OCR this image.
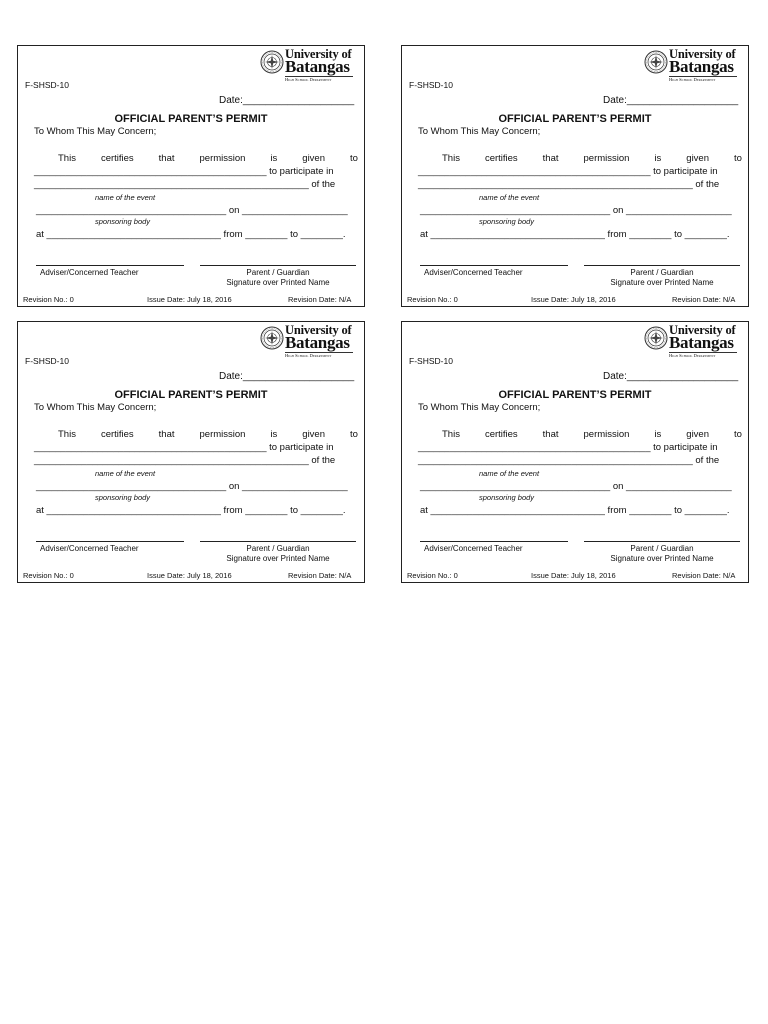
University of
Batangas
High School Department
F-SHSD-10
Date:____________________
OFFICIAL PARENT’S PERMIT
To Whom This May Concern;
This	certifies	that	permission	is	given	to
____________________________________________ to participate in
____________________________________________________ of the
name of the event
____________________________________ on ____________________
sponsoring body
at _________________________________ from ________ to ________.
Adviser/Concerned Teacher	Parent / Guardian
Signature over Printed Name
Revision No.: 0	Issue Date: July 18, 2016	Revision Date: N/A
University of
Batangas
High School Department
F-SHSD-10
Date:____________________
OFFICIAL PARENT’S PERMIT
To Whom This May Concern;
This	certifies	that	permission	is	given	to
____________________________________________ to participate in
____________________________________________________ of the
name of the event
____________________________________ on ____________________
sponsoring body
at _________________________________ from ________ to ________.
Adviser/Concerned Teacher	Parent / Guardian
Signature over Printed Name
Revision No.: 0	Issue Date: July 18, 2016	Revision Date: N/A
University of
Batangas
High School Department
F-SHSD-10
Date:____________________
OFFICIAL PARENT’S PERMIT
To Whom This May Concern;
This	certifies	that	permission	is	given	to
____________________________________________ to participate in
____________________________________________________ of the
name of the event
____________________________________ on ____________________
sponsoring body
at _________________________________ from ________ to ________.
Adviser/Concerned Teacher	Parent / Guardian
Signature over Printed Name
Revision No.: 0	Issue Date: July 18, 2016	Revision Date: N/A
University of
Batangas
High School Department
F-SHSD-10
Date:____________________
OFFICIAL PARENT’S PERMIT
To Whom This May Concern;
This	certifies	that	permission	is	given	to
____________________________________________ to participate in
____________________________________________________ of the
name of the event
____________________________________ on ____________________
sponsoring body
at _________________________________ from ________ to ________.
Adviser/Concerned Teacher	Parent / Guardian
Signature over Printed Name
Revision No.: 0	Issue Date: July 18, 2016	Revision Date: N/A
